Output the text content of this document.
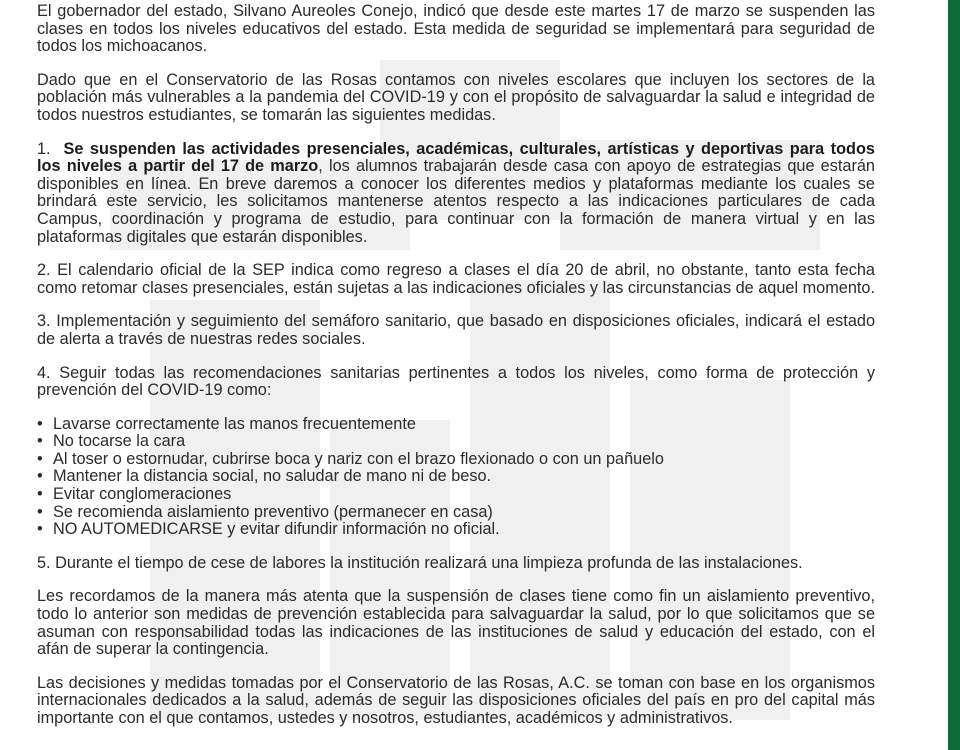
El gobernador del estado, Silvano Aureoles Conejo, indicó que desde este martes 17 de marzo se suspenden las clases en todos los niveles educativos del estado. Esta medida de seguridad se implementará para seguridad de todos los michoacanos.

Dado que en el Conservatorio de las Rosas contamos con niveles escolares que incluyen los sectores de la población más vulnerables a la pandemia del COVID-19 y con el propósito de salvaguardar la salud e integridad de todos nuestros estudiantes, se tomarán las siguientes medidas.

1. Se suspenden las actividades presenciales, académicas, culturales, artísticas y deportivas para todos los niveles a partir del 17 de marzo, los alumnos trabajarán desde casa con apoyo de estrategias que estarán disponibles en línea. En breve daremos a conocer los diferentes medios y plataformas mediante los cuales se brindará este servicio, les solicitamos mantenerse atentos respecto a las indicaciones particulares de cada Campus, coordinación y programa de estudio, para continuar con la formación de manera virtual y en las plataformas digitales que estarán disponibles.

2. El calendario oficial de la SEP indica como regreso a clases el día 20 de abril, no obstante, tanto esta fecha como retomar clases presenciales, están sujetas a las indicaciones oficiales y las circunstancias de aquel momento.

3. Implementación y seguimiento del semáforo sanitario, que basado en disposiciones oficiales, indicará el estado de alerta a través de nuestras redes sociales.

4. Seguir todas las recomendaciones sanitarias pertinentes a todos los niveles, como forma de protección y prevención del COVID-19 como:

• Lavarse correctamente las manos frecuentemente
• No tocarse la cara
• Al toser o estornudar, cubrirse boca y nariz con el brazo flexionado o con un pañuelo
• Mantener la distancia social, no saludar de mano ni de beso.
• Evitar conglomeraciones
• Se recomienda aislamiento preventivo (permanecer en casa)
• NO AUTOMEDICARSE y evitar difundir información no oficial.

5. Durante el tiempo de cese de labores la institución realizará una limpieza profunda de las instalaciones.

Les recordamos de la manera más atenta que la suspensión de clases tiene como fin un aislamiento preventivo, todo lo anterior son medidas de prevención establecida para salvaguardar la salud, por lo que solicitamos que se asuman con responsabilidad todas las indicaciones de las instituciones de salud y educación del estado, con el afán de superar la contingencia.

Las decisiones y medidas tomadas por el Conservatorio de las Rosas, A.C. se toman con base en los organismos internacionales dedicados a la salud, además de seguir las disposiciones oficiales del país en pro del capital más importante con el que contamos, ustedes y nosotros, estudiantes, académicos y administrativos.
